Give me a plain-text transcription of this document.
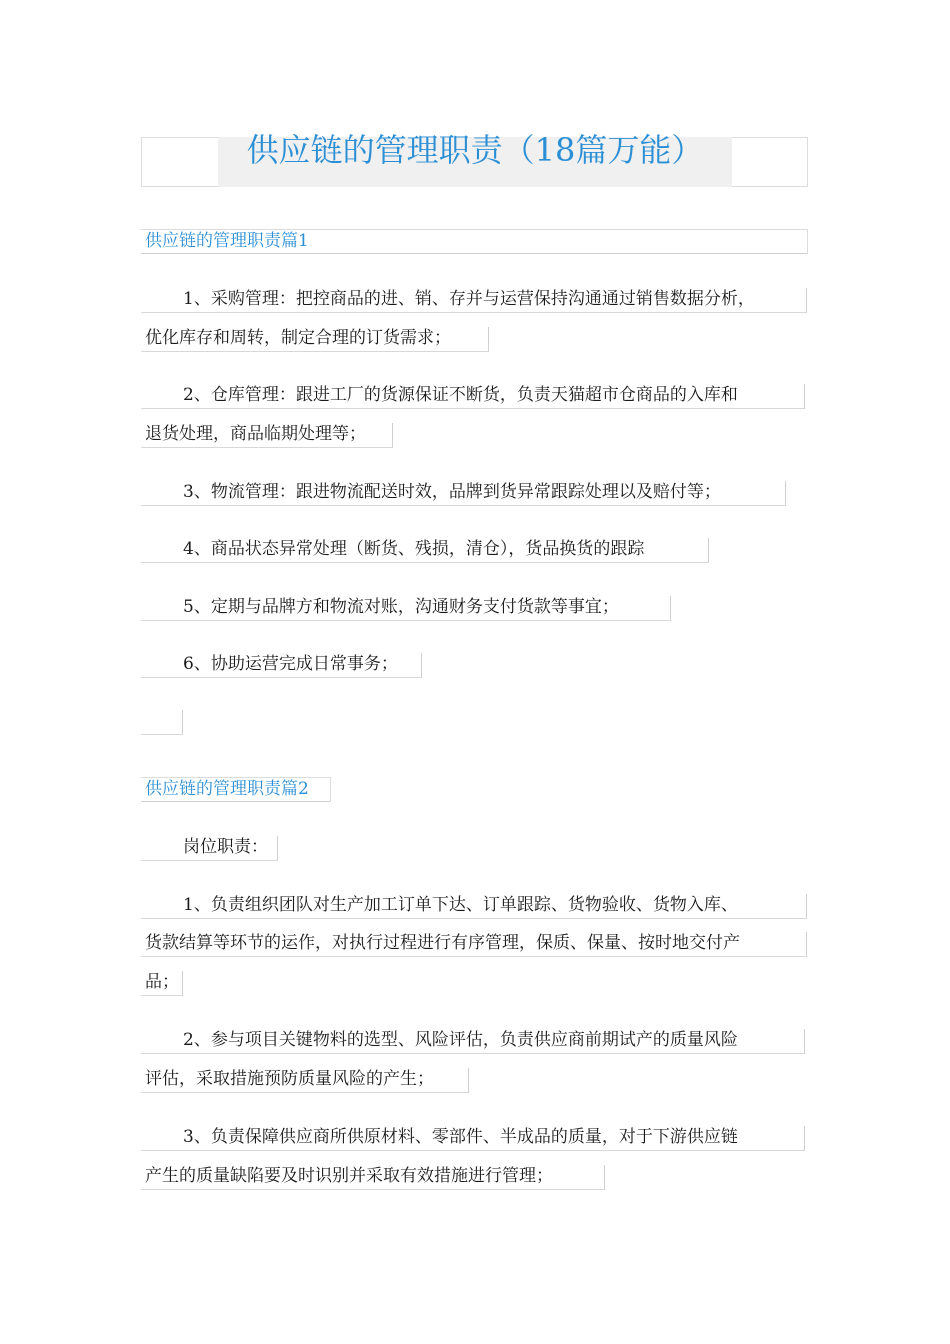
供应链的管理职责（18篇万能）
供应链的管理职责篇1
1、采购管理：把控商品的进、销、存并与运营保持沟通通过销售数据分析，
优化库存和周转，制定合理的订货需求；
2、仓库管理：跟进工厂的货源保证不断货，负责天猫超市仓商品的入库和
退货处理，商品临期处理等；
3、物流管理：跟进物流配送时效，品牌到货异常跟踪处理以及赔付等；
4、商品状态异常处理（断货、残损，清仓），货品换货的跟踪
5、定期与品牌方和物流对账，沟通财务支付货款等事宜；
6、协助运营完成日常事务；
供应链的管理职责篇2
岗位职责：
1、负责组织团队对生产加工订单下达、订单跟踪、货物验收、货物入库、
货款结算等环节的运作，对执行过程进行有序管理，保质、保量、按时地交付产
品；
2、参与项目关键物料的选型、风险评估，负责供应商前期试产的质量风险
评估，采取措施预防质量风险的产生；
3、负责保障供应商所供原材料、零部件、半成品的质量，对于下游供应链
产生的质量缺陷要及时识别并采取有效措施进行管理；
